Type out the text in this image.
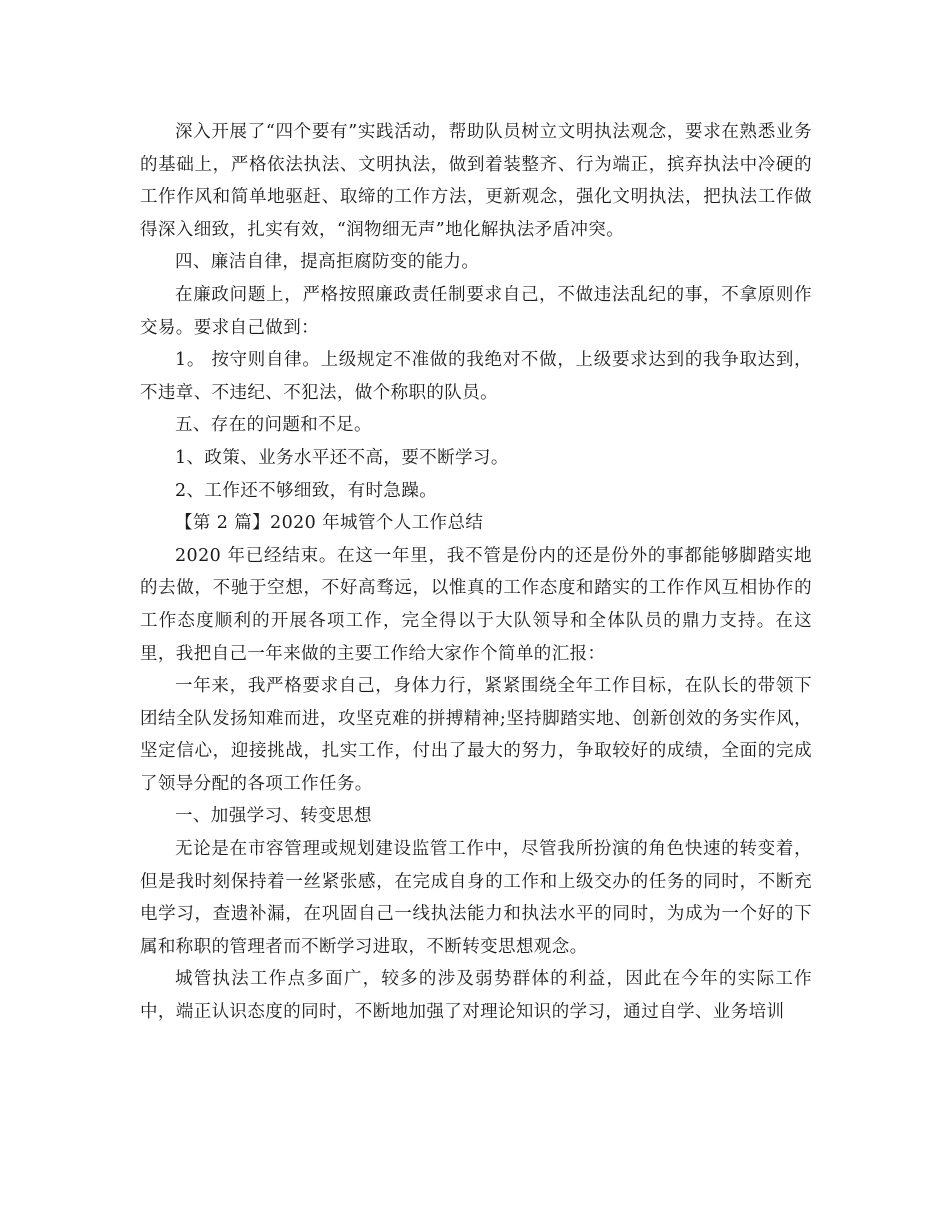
深入开展了“四个要有”实践活动，帮助队员树立文明执法观念，要求在熟悉业务的基础上，严格依法执法、文明执法，做到着装整齐、行为端正，摈弃执法中冷硬的工作作风和简单地驱赶、取缔的工作方法，更新观念，强化文明执法，把执法工作做得深入细致，扎实有效，“润物细无声”地化解执法矛盾冲突。

四、廉洁自律，提高拒腐防变的能力。

在廉政问题上，严格按照廉政责任制要求自己，不做违法乱纪的事，不拿原则作交易。要求自己做到：

1。 按守则自律。上级规定不准做的我绝对不做，上级要求达到的我争取达到，不违章、不违纪、不犯法，做个称职的队员。

五、存在的问题和不足。

1、政策、业务水平还不高，要不断学习。

2、工作还不够细致，有时急躁。

【第 2 篇】2020 年城管个人工作总结

2020 年已经结束。在这一年里，我不管是份内的还是份外的事都能够脚踏实地的去做，不驰于空想，不好高骛远，以惟真的工作态度和踏实的工作作风互相协作的工作态度顺利的开展各项工作，完全得以于大队领导和全体队员的鼎力支持。在这里，我把自己一年来做的主要工作给大家作个简单的汇报：

一年来，我严格要求自己，身体力行，紧紧围绕全年工作目标，在队长的带领下团结全队发扬知难而进，攻坚克难的拼搏精神;坚持脚踏实地、创新创效的务实作风，坚定信心，迎接挑战，扎实工作，付出了最大的努力，争取较好的成绩，全面的完成了领导分配的各项工作任务。

一、加强学习、转变思想

无论是在市容管理或规划建设监管工作中，尽管我所扮演的角色快速的转变着，但是我时刻保持着一丝紧张感，在完成自身的工作和上级交办的任务的同时，不断充电学习，查遗补漏，在巩固自己一线执法能力和执法水平的同时，为成为一个好的下属和称职的管理者而不断学习进取，不断转变思想观念。

城管执法工作点多面广，较多的涉及弱势群体的利益，因此在今年的实际工作中，端正认识态度的同时，不断地加强了对理论知识的学习，通过自学、业务培训
